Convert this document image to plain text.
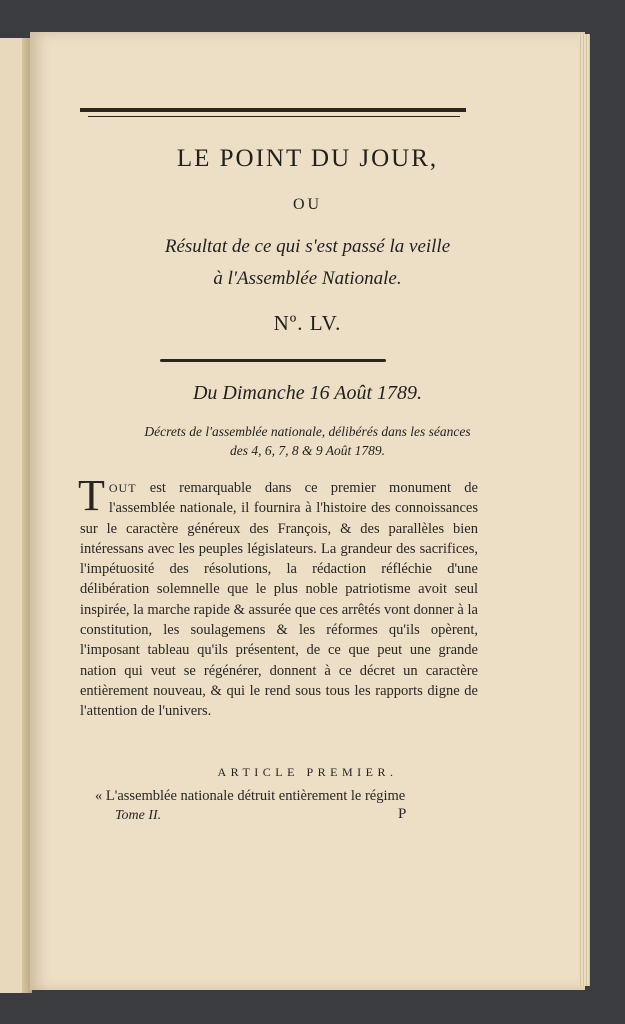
LE POINT DU JOUR,
OU
Résultat de ce qui s'est passé la veille
à l'Assemblée Nationale.
Nº. LV.
Du Dimanche 16 Août 1789.
Décrets de l'assemblée nationale, délibérés dans les séances
des 4, 6, 7, 8 & 9 Août 1789.
TOUT est remarquable dans ce premier monument de l'assemblée nationale, il fournira à l'histoire des connoissances sur le caractère généreux des François, & des parallèles bien intéressans avec les peuples législateurs. La grandeur des sacrifices, l'impétuosité des résolutions, la rédaction réfléchie d'une délibération solemnelle que le plus noble patriotisme avoit seul inspirée, la marche rapide & assurée que ces arrêtés vont donner à la constitution, les soulagemens & les réformes qu'ils opèrent, l'imposant tableau qu'ils présentent, de ce que peut une grande nation qui veut se régénérer, donnent à ce décret un caractère entièrement nouveau, & qui le rend sous tous les rapports digne de l'attention de l'univers.
ARTICLE PREMIER.
« L'assemblée nationale détruit entièrement le régime
Tome II.	P
